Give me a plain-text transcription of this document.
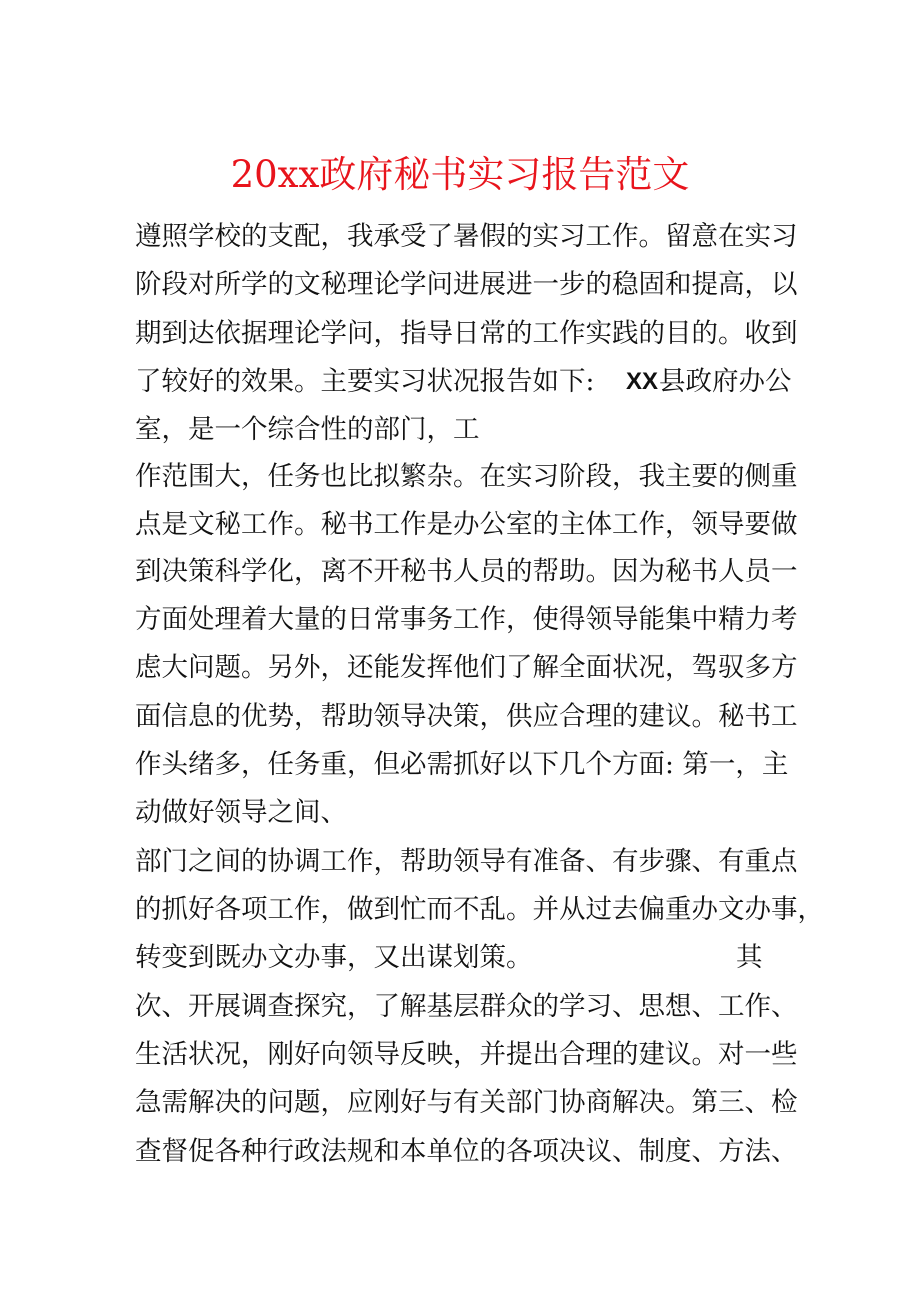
20xx政府秘书实习报告范文
遵照学校的支配，我承受了暑假的实习工作。留意在实习
阶段对所学的文秘理论学问进展进一步的稳固和提高，以
期到达依据理论学问，指导日常的工作实践的目的。收到
了较好的效果。主要实习状况报告如下: XX 县政府办公
室，是一个综合性的部门，工
作范围大，任务也比拟繁杂。在实习阶段，我主要的侧重
点是文秘工作。秘书工作是办公室的主体工作，领导要做
到决策科学化，离不开秘书人员的帮助。因为秘书人员一
方面处理着大量的日常事务工作，使得领导能集中精力考
虑大问题。另外，还能发挥他们了解全面状况，驾驭多方
面信息的优势，帮助领导决策，供应合理的建议。秘书工
作头绪多，任务重，但必需抓好以下几个方面: 第一，主
动做好领导之间、
部门之间的协调工作，帮助领导有准备、有步骤、有重点
的抓好各项工作，做到忙而不乱。并从过去偏重办文办事，
转变到既办文办事，又出谋划策。	其
次、开展调查探究，了解基层群众的学习、思想、工作、
生活状况，刚好向领导反映，并提出合理的建议。对一些
急需解决的问题，应刚好与有关部门协商解决。第三、检
查督促各种行政法规和本单位的各项决议、制度、方法、
